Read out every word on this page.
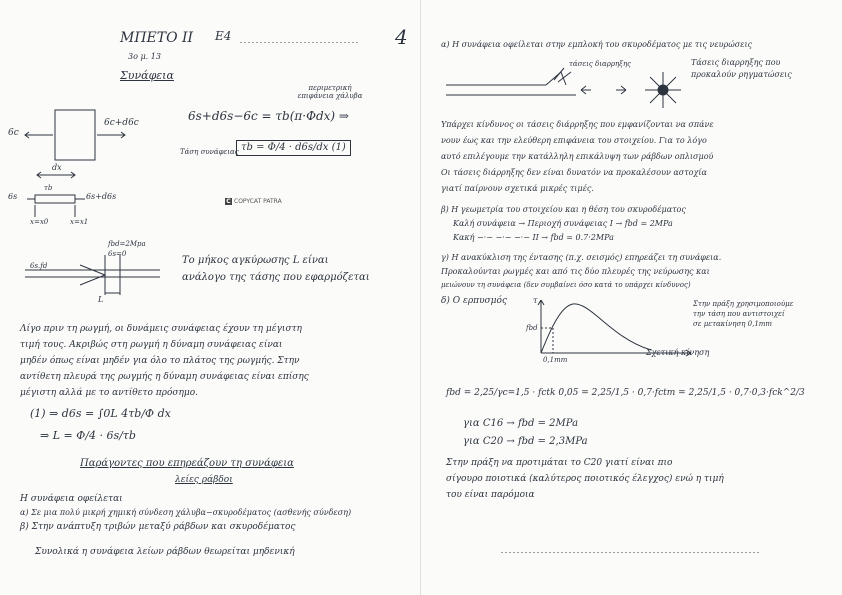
ΜΠΕΤΟ ΙΙ Ε4	4
3ο μ. 13
Συνάφεια
6c
6c+d6c
dx
6s	6s+d6s
τb
x=x0	x=x1
περιμετρική επιφάνεια χάλυβα
6s+d6s−6c = τb(π·Φdx) ⇒
Τάση συνάφειας τb = Φ/4 · d6s/dx (1)
C COPYCAT PATRA
fbd=2Mpa
6s=0
6s.fd
L
Το μήκος αγκύρωσης L είναι
ανάλογο της τάσης που εφαρμόζεται
Λίγο πριν τη ρωγμή, οι δυνάμεις συνάφειας έχουν τη μέγιστη
τιμή τους. Ακριβώς στη ρωγμή η δύναμη συνάφειας είναι
μηδέν όπως είναι μηδέν για όλο το πλάτος της ρωγμής. Στην
αντίθετη πλευρά της ρωγμής η δύναμη συνάφειας είναι επίσης
μέγιστη αλλά με το αντίθετο πρόσημο.
(1) ⇒ d6s = ∫0L 4τb/Φ dx
⇒ L = Φ/4 · 6s/τb
Παράγοντες που επηρεάζουν τη συνάφεια
λείες ράβδοι
Η συνάφεια οφείλεται
α) Σε μια πολύ μικρή χημική σύνδεση χάλυβα−σκυροδέματος (ασθενής σύνδεση)
β) Στην ανάπτυξη τριβών μεταξύ ράβδων και σκυροδέματος
Συνολικά η συνάφεια λείων ράβδων θεωρείται μηδενική
α) Η συνάφεια οφείλεται στην εμπλοκή του σκυροδέματος με τις νευρώσεις
τάσεις διαρρηξης	Τάσεις διαρρηξης που
προκαλούν ρηγματώσεις
Υπάρχει κίνδυνος οι τάσεις διάρρηξης που εμφανίζονται να σπάνε
νουν έως και την ελεύθερη επιφάνεια του στοιχείου. Για το λόγο
αυτό επιλέγουμε την κατάλληλη επικάλυψη των ράβδων οπλισμού
Οι τάσεις διάρρηξης δεν είναι δυνατόν να προκαλέσουν αστοχία
γιατί παίρνουν σχετικά μικρές τιμές.
β) Η γεωμετρία του στοιχείου και η θέση του σκυροδέματος
Καλή συνάφεια → Περιοχή συνάφειας Ι → fbd = 2MPa
Κακή −·− −·− −·− ΙΙ → fbd = 0.7·2MPa
γ) Η ανακύκλιση της έντασης (π.χ. σεισμός) επηρεάζει τη συνάφεια.
Προκαλούνται ρωγμές και από τις δύο πλευρές της νεύρωσης και
μειώνουν τη συνάφεια (δεν συμβαίνει όσο κατά το υπάρχει κίνδυνος)
δ) Ο ερπυσμός	τ
fbd
0,1mm
Σχετική κίνηση
Στην πράξη χρησιμοποιούμε
την τάση που αντιστοιχεί
σε μετακίνηση 0,1mm
fbd = 2,25/γc=1,5 · fctk 0,05 = 2,25/1,5 · 0,7·fctm = 2,25/1,5 · 0,7·0,3·fck^2/3
για C16 → fbd = 2MPa
για C20 → fbd = 2,3MPa
Στην πράξη να προτιμάται το C20 γιατί είναι πιο
σίγουρο ποιοτικά (καλύτερος ποιοτικός έλεγχος) ενώ η τιμή
του είναι παρόμοια
